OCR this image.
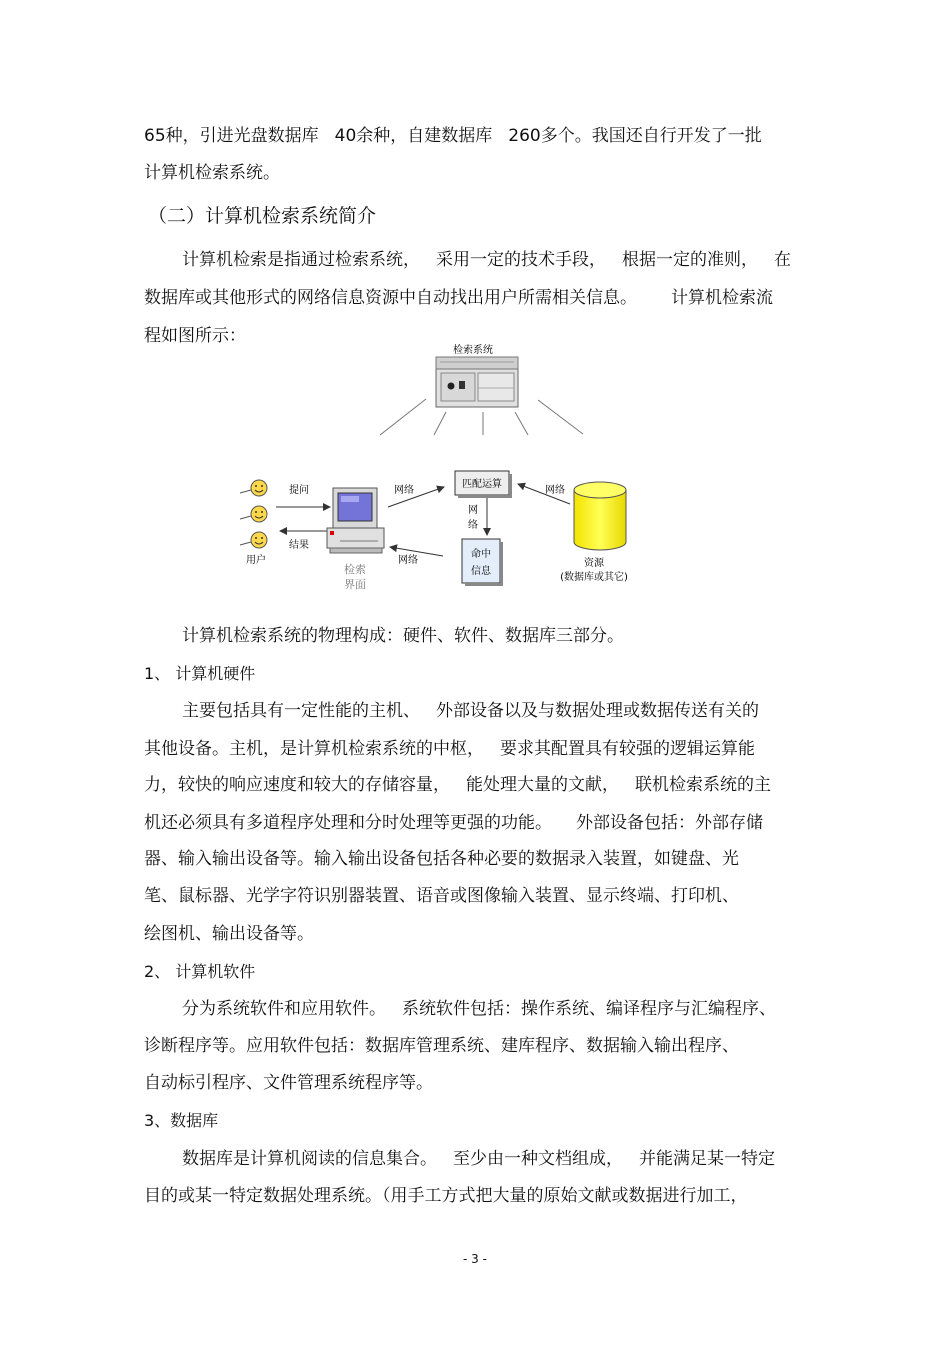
65种，引进光盘数据库 40余种，自建数据库 260多个。我国还自行开发了一批
计算机检索系统。
（二）计算机检索系统简介
计算机检索是指通过检索系统， 采用一定的技术手段， 根据一定的准则， 在
数据库或其他形式的网络信息资源中自动找出用户所需相关信息。 计算机检索流
程如图所示：
检索系统
用户
提问
结果
检索
界面
网络
匹配运算
网络
网
络
命中
信息
网络	资源
(数据库或其它)
计算机检索系统的物理构成：硬件、软件、数据库三部分。
1、 计算机硬件
主要包括具有一定性能的主机、 外部设备以及与数据处理或数据传送有关的
其他设备。主机，是计算机检索系统的中枢， 要求其配置具有较强的逻辑运算能
力，较快的响应速度和较大的存储容量， 能处理大量的文献， 联机检索系统的主
机还必须具有多道程序处理和分时处理等更强的功能。 外部设备包括：外部存储
器、输入输出设备等。输入输出设备包括各种必要的数据录入装置，如键盘、光
笔、鼠标器、光学字符识别器装置、语音或图像输入装置、显示终端、打印机、
绘图机、输出设备等。
2、 计算机软件
分为系统软件和应用软件。 系统软件包括：操作系统、编译程序与汇编程序、
诊断程序等。应用软件包括：数据库管理系统、建库程序、数据输入输出程序、
自动标引程序、文件管理系统程序等。
3、数据库
数据库是计算机阅读的信息集合。 至少由一种文档组成， 并能满足某一特定
目的或某一特定数据处理系统。（用手工方式把大量的原始文献或数据进行加工，
- 3 -
